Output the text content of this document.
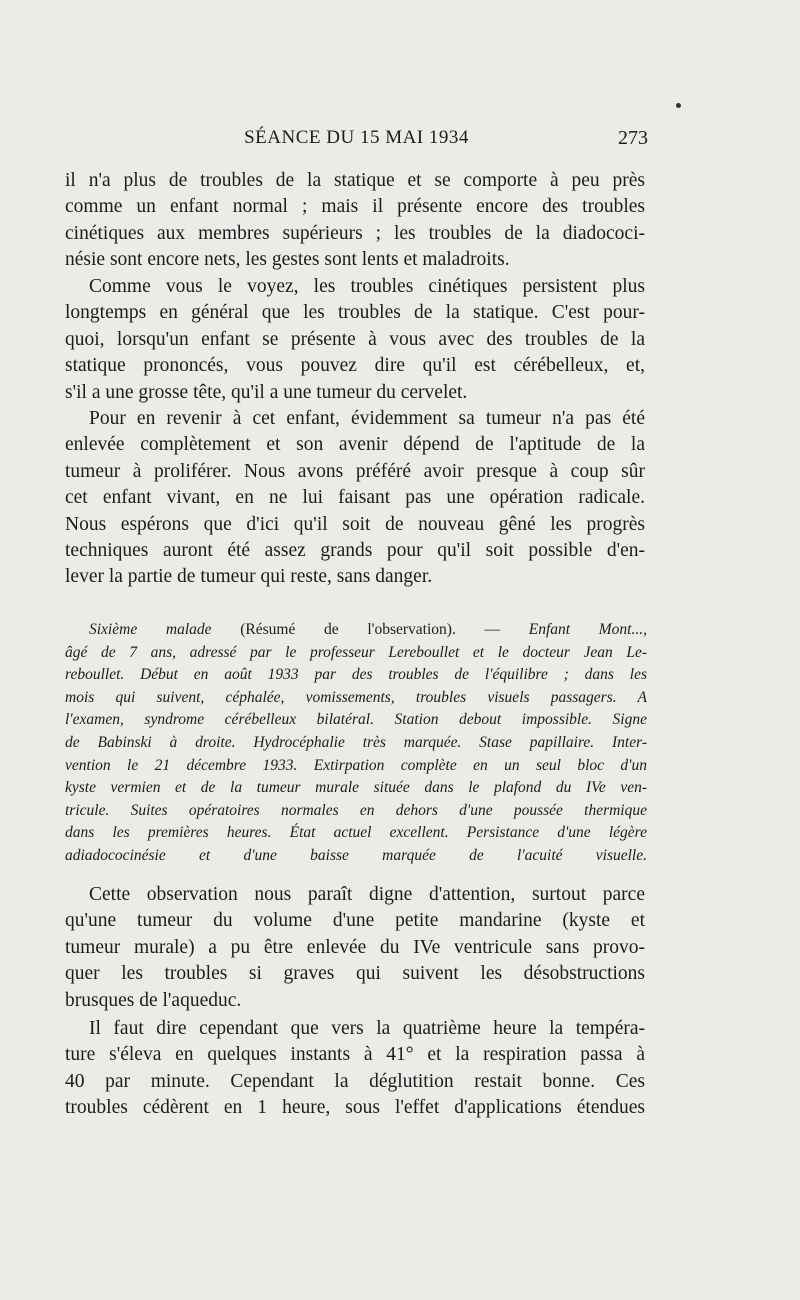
SÉANCE DU 15 MAI 1934	273

il n'a plus de troubles de la statique et se comporte à peu près
comme un enfant normal ; mais il présente encore des troubles
cinétiques aux membres supérieurs ; les troubles de la diadococi-
nésie sont encore nets, les gestes sont lents et maladroits.

Comme vous le voyez, les troubles cinétiques persistent plus
longtemps en général que les troubles de la statique. C'est pour-
quoi, lorsqu'un enfant se présente à vous avec des troubles de la
statique prononcés, vous pouvez dire qu'il est cérébelleux, et,
s'il a une grosse tête, qu'il a une tumeur du cervelet.

Pour en revenir à cet enfant, évidemment sa tumeur n'a pas été
enlevée complètement et son avenir dépend de l'aptitude de la
tumeur à proliférer. Nous avons préféré avoir presque à coup sûr
cet enfant vivant, en ne lui faisant pas une opération radicale.
Nous espérons que d'ici qu'il soit de nouveau gêné les progrès
techniques auront été assez grands pour qu'il soit possible d'en-
lever la partie de tumeur qui reste, sans danger.

Sixième malade (Résumé de l'observation). — Enfant Mont...,
âgé de 7 ans, adressé par le professeur Lereboullet et le docteur Jean Le-
reboullet. Début en août 1933 par des troubles de l'équilibre ; dans les
mois qui suivent, céphalée, vomissements, troubles visuels passagers. A
l'examen, syndrome cérébelleux bilatéral. Station debout impossible. Signe
de Babinski à droite. Hydrocéphalie très marquée. Stase papillaire. Inter-
vention le 21 décembre 1933. Extirpation complète en un seul bloc d'un
kyste vermien et de la tumeur murale située dans le plafond du IVe ven-
tricule. Suites opératoires normales en dehors d'une poussée thermique
dans les premières heures. État actuel excellent. Persistance d'une légère
adiadococinésie et d'une baisse marquée de l'acuité visuelle.

Cette observation nous paraît digne d'attention, surtout parce
qu'une tumeur du volume d'une petite mandarine (kyste et
tumeur murale) a pu être enlevée du IVe ventricule sans provo-
quer les troubles si graves qui suivent les désobstructions
brusques de l'aqueduc.

Il faut dire cependant que vers la quatrième heure la tempéra-
ture s'éleva en quelques instants à 41° et la respiration passa à
40 par minute. Cependant la déglutition restait bonne. Ces
troubles cédèrent en 1 heure, sous l'effet d'applications étendues
